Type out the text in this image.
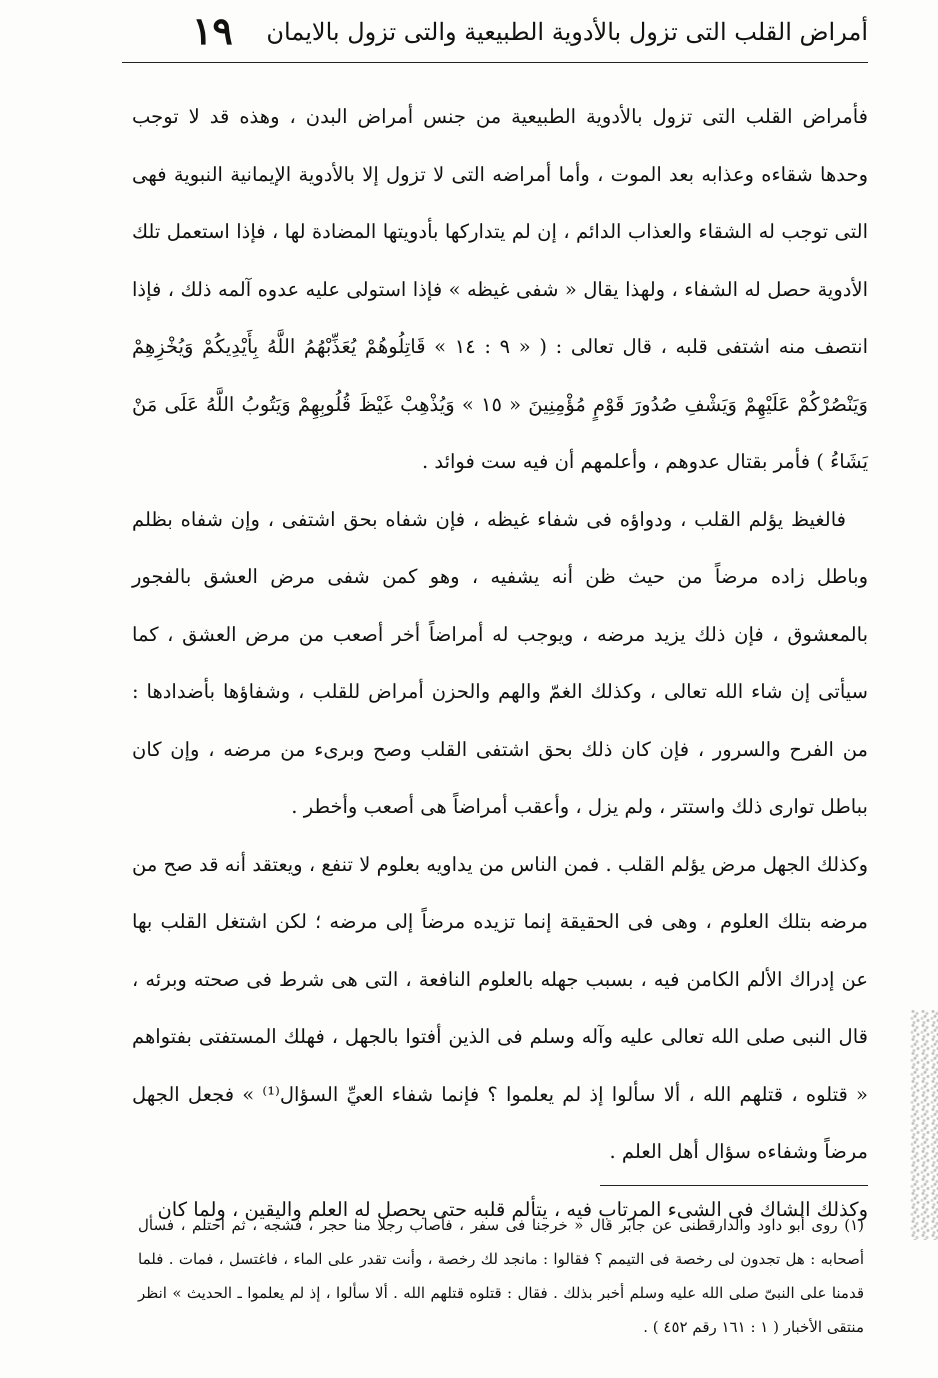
أمراض القلب التى تزول بالأدوية الطبيعية والتى تزول بالايمان
١٩

فأمراض القلب التى تزول بالأدوية الطبيعية من جنس أمراض البدن ، وهذه قد لا توجب وحدها شقاءه وعذابه بعد الموت ، وأما أمراضه التى لا تزول إلا بالأدوية الإيمانية النبوية فهى التى توجب له الشقاء والعذاب الدائم ، إن لم يتدارکها بأدويتها المضادة لها ، فإذا استعمل تلك الأدوية حصل له الشفاء ، ولهذا يقال « شفى غيظه » فإذا استولى عليه عدوه آلمه ذلك ، فإذا انتصف منه اشتفى قلبه ، قال تعالى : ( « ٩ : ١٤ » قَاتِلُوهُمْ يُعَذِّبْهُمُ اللَّهُ بِأَيْدِيكُمْ وَيُخْزِهِمْ وَيَنْصُرْكُمْ عَلَيْهِمْ وَيَشْفِ صُدُورَ قَوْمٍ مُؤْمِنِينَ « ١٥ » وَيُذْهِبْ غَيْظَ قُلُوبِهِمْ وَيَتُوبُ اللَّهُ عَلَى مَنْ يَشَاءُ ) فأمر بقتال عدوهم ، وأعلمهم أن فيه ست فوائد .

فالغيظ يؤلم القلب ، ودواؤه فى شفاء غيظه ، فإن شفاه بحق اشتفى ، وإن شفاه بظلم وباطل زاده مرضاً من حيث ظن أنه يشفيه ، وهو كمن شفى مرض العشق بالفجور بالمعشوق ، فإن ذلك يزيد مرضه ، ويوجب له أمراضاً أخر أصعب من مرض العشق ، كما سيأتى إن شاء الله تعالى ، وكذلك الغمّ والهم والحزن أمراض للقلب ، وشفاؤها بأضدادها : من الفرح والسرور ، فإن كان ذلك بحق اشتفى القلب وصح وبرىء من مرضه ، وإن كان بباطل توارى ذلك واستتر ، ولم يزل ، وأعقب أمراضاً هى أصعب وأخطر .

وكذلك الجهل مرض يؤلم القلب . فمن الناس من يداويه بعلوم لا تنفع ، ويعتقد أنه قد صح من مرضه بتلك العلوم ، وهى فى الحقيقة إنما تزيده مرضاً إلى مرضه ؛ لكن اشتغل القلب بها عن إدراك الألم الكامن فيه ، بسبب جهله بالعلوم النافعة ، التى هى شرط فى صحته وبرئه ، قال النبى صلى الله تعالى عليه وآله وسلم فى الذين أفتوا بالجهل ، فهلك المستفتى بفتواهم « قتلوه ، قتلهم الله ، ألا سألوا إذ لم يعلموا ؟ فإنما شفاء العيِّ السؤال⁽¹⁾ » فجعل الجهل مرضاً وشفاءه سؤال أهل العلم .

وكذلك الشاك فى الشىء المرتاب فيه ، يتألم قلبه حتى يحصل له العلم واليقين ، ولما كان

(١) روى أبو داود والدارقطنى عن جابر قال « خرجنا فى سفر ، فأصاب رجلا منا حجر ، فشجه ، ثم احتلم ، فسأل أصحابه : هل تجدون لى رخصة فى التيمم ؟ فقالوا : مانجد لك رخصة ، وأنت تقدر على الماء ، فاغتسل ، فمات . فلما قدمنا على النبىّ صلى الله عليه وسلم أخبر بذلك . فقال : قتلوه قتلهم الله . ألا سألوا ، إذ لم يعلموا ـ الحديث » انظر منتقى الأخبار ( ١ : ١٦١ رقم ٤٥٢ ) .
